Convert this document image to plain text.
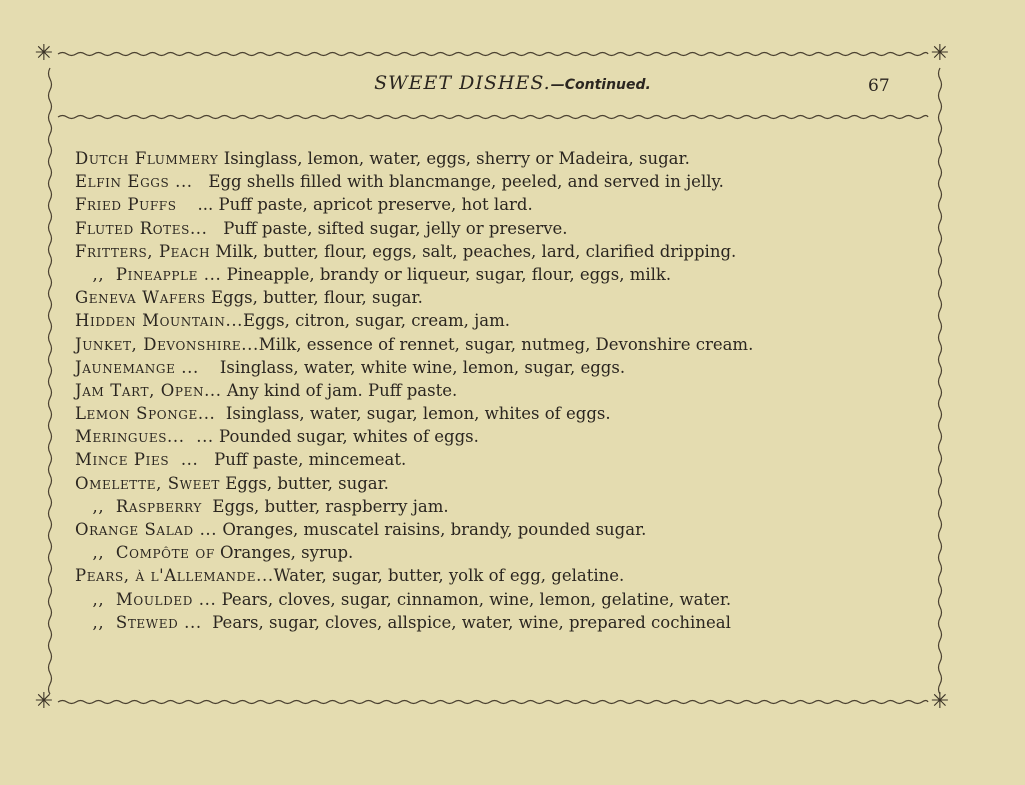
✳	✳
✳	✳
SWEET DISHES.—Continued.	67
Dutch Flummery Isinglass, lemon, water, eggs, sherry or Madeira, sugar.
Elfin Eggs ... Egg shells filled with blancmange, peeled, and served in jelly.
Fried Puffs    ... Puff paste, apricot preserve, hot lard.
Fluted Rotes... Puff paste, sifted sugar, jelly or preserve.
Fritters, Peach Milk, butter, flour, eggs, salt, peaches, lard, clarified dripping.
,,  Pineapple ... Pineapple, brandy or liqueur, sugar, flour, eggs, milk.
Geneva Wafers Eggs, butter, flour, sugar.
Hidden Mountain...Eggs, citron, sugar, cream, jam.
Junket, Devonshire...Milk, essence of rennet, sugar, nutmeg, Devonshire cream.
Jaunemange ... Isinglass, water, white wine, lemon, sugar, eggs.
Jam Tart, Open... Any kind of jam. Puff paste.
Lemon Sponge... Isinglass, water, sugar, lemon, whites of eggs.
Meringues...  ... Pounded sugar, whites of eggs.
Mince Pies  ... Puff paste, mincemeat.
Omelette, Sweet Eggs, butter, sugar.
,,  Raspberry Eggs, butter, raspberry jam.
Orange Salad ... Oranges, muscatel raisins, brandy, pounded sugar.
,,  Compôte of Oranges, syrup.
Pears, à l'Allemande...Water, sugar, butter, yolk of egg, gelatine.
,,  Moulded ... Pears, cloves, sugar, cinnamon, wine, lemon, gelatine, water.
,,  Stewed ... Pears, sugar, cloves, allspice, water, wine, prepared cochineal
